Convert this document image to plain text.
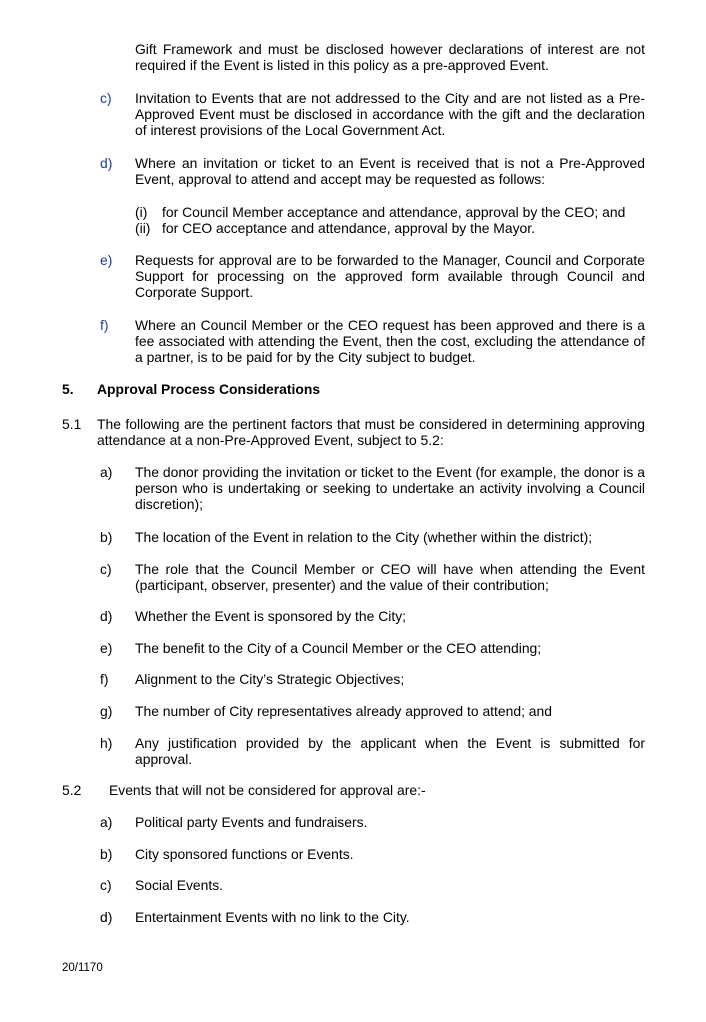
Gift Framework and must be disclosed however declarations of interest are not required if the Event is listed in this policy as a pre-approved Event.
c) Invitation to Events that are not addressed to the City and are not listed as a Pre-Approved Event must be disclosed in accordance with the gift and the declaration of interest provisions of the Local Government Act.
d) Where an invitation or ticket to an Event is received that is not a Pre-Approved Event, approval to attend and accept may be requested as follows:
(i) for Council Member acceptance and attendance, approval by the CEO; and
(ii) for CEO acceptance and attendance, approval by the Mayor.
e) Requests for approval are to be forwarded to the Manager, Council and Corporate Support for processing on the approved form available through Council and Corporate Support.
f) Where an Council Member or the CEO request has been approved and there is a fee associated with attending the Event, then the cost, excluding the attendance of a partner, is to be paid for by the City subject to budget.
5. Approval Process Considerations
5.1 The following are the pertinent factors that must be considered in determining approving attendance at a non-Pre-Approved Event, subject to 5.2:
a) The donor providing the invitation or ticket to the Event (for example, the donor is a person who is undertaking or seeking to undertake an activity involving a Council discretion);
b) The location of the Event in relation to the City (whether within the district);
c) The role that the Council Member or CEO will have when attending the Event (participant, observer, presenter) and the value of their contribution;
d) Whether the Event is sponsored by the City;
e) The benefit to the City of a Council Member or the CEO attending;
f) Alignment to the City’s Strategic Objectives;
g) The number of City representatives already approved to attend; and
h) Any justification provided by the applicant when the Event is submitted for approval.
5.2 Events that will not be considered for approval are:-
a) Political party Events and fundraisers.
b) City sponsored functions or Events.
c) Social Events.
d) Entertainment Events with no link to the City.
20/1170
